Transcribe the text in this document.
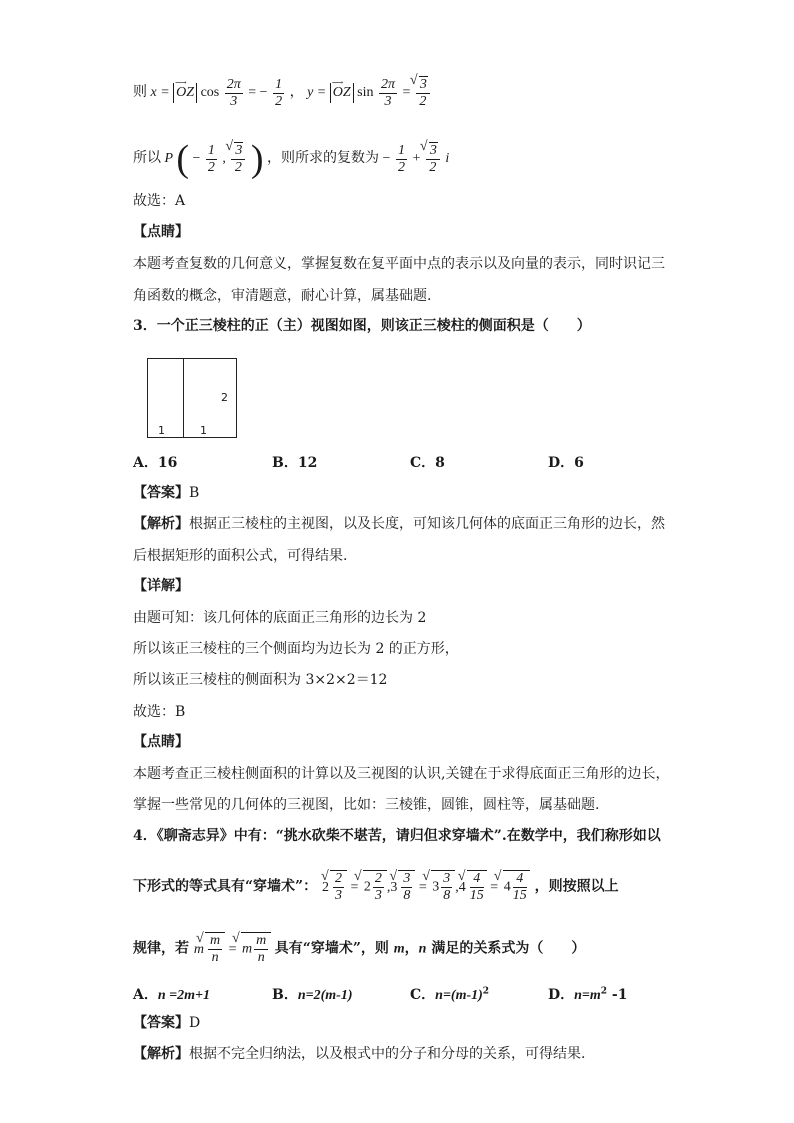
则 x =
⟶
OZ $\cos \frac{2\pi}{3}$ = − $\frac{1}{2}$ ， y =
⟶
OZ $\sin \frac{2\pi}{3}$ = √ $\frac{3}{2}$
所以 P ( − $\frac{1}{2}$ , √ $\frac{3}{2}$ ) ，则所求的复数为 − $\frac{1}{2}$ + √ $\frac{3}{2}$ i
故选：A
【点睛】
本题考查复数的几何意义，掌握复数在复平面中点的表示以及向量的表示，同时识记三
角函数的概念，审清题意，耐心计算，属基础题.
3．一个正三棱柱的正（主）视图如图，则该正三棱柱的侧面积是（　　）
2
1	1
A．16	B．12	C．8	D．6
【答案】B
【解析】根据正三棱柱的主视图，以及长度，可知该几何体的底面正三角形的边长，然
后根据矩形的面积公式，可得结果.
【详解】
由题可知：该几何体的底面正三角形的边长为 2
所以该正三棱柱的三个侧面均为边长为 2 的正方形，
所以该正三棱柱的侧面积为 3×2×2＝12
故选：B
【点睛】
本题考查正三棱柱侧面积的计算以及三视图的认识,关键在于求得底面正三角形的边长，
掌握一些常见的几何体的三视图，比如：三棱锥，圆锥，圆柱等，属基础题.
4．《聊斋志异》中有：“挑水砍柴不堪苦，请归但求穿墙术”.在数学中，我们称形如以
下形式的等式具有“穿墙术”： 2 √ $\frac{2}{3}$ = √ $2 \frac{2}{3} ,3$ √ $\frac{3}{8}$ = √ $3 \frac{3}{8} ,4$ √ $\frac{4}{15}$ = √ $4 \frac{4}{15}$ ，则按照以上
规律，若 m √ $\frac{m}{n}$ = √ m $\frac{m}{n}$ 具有“穿墙术”，则 m，n 满足的关系式为（　　）
A．n =2m+1	B．n=2(m-1)	C．$n=(m-1)^2$	D．$n=m^2$ -1
【答案】D
【解析】根据不完全归纳法，以及根式中的分子和分母的关系，可得结果.
